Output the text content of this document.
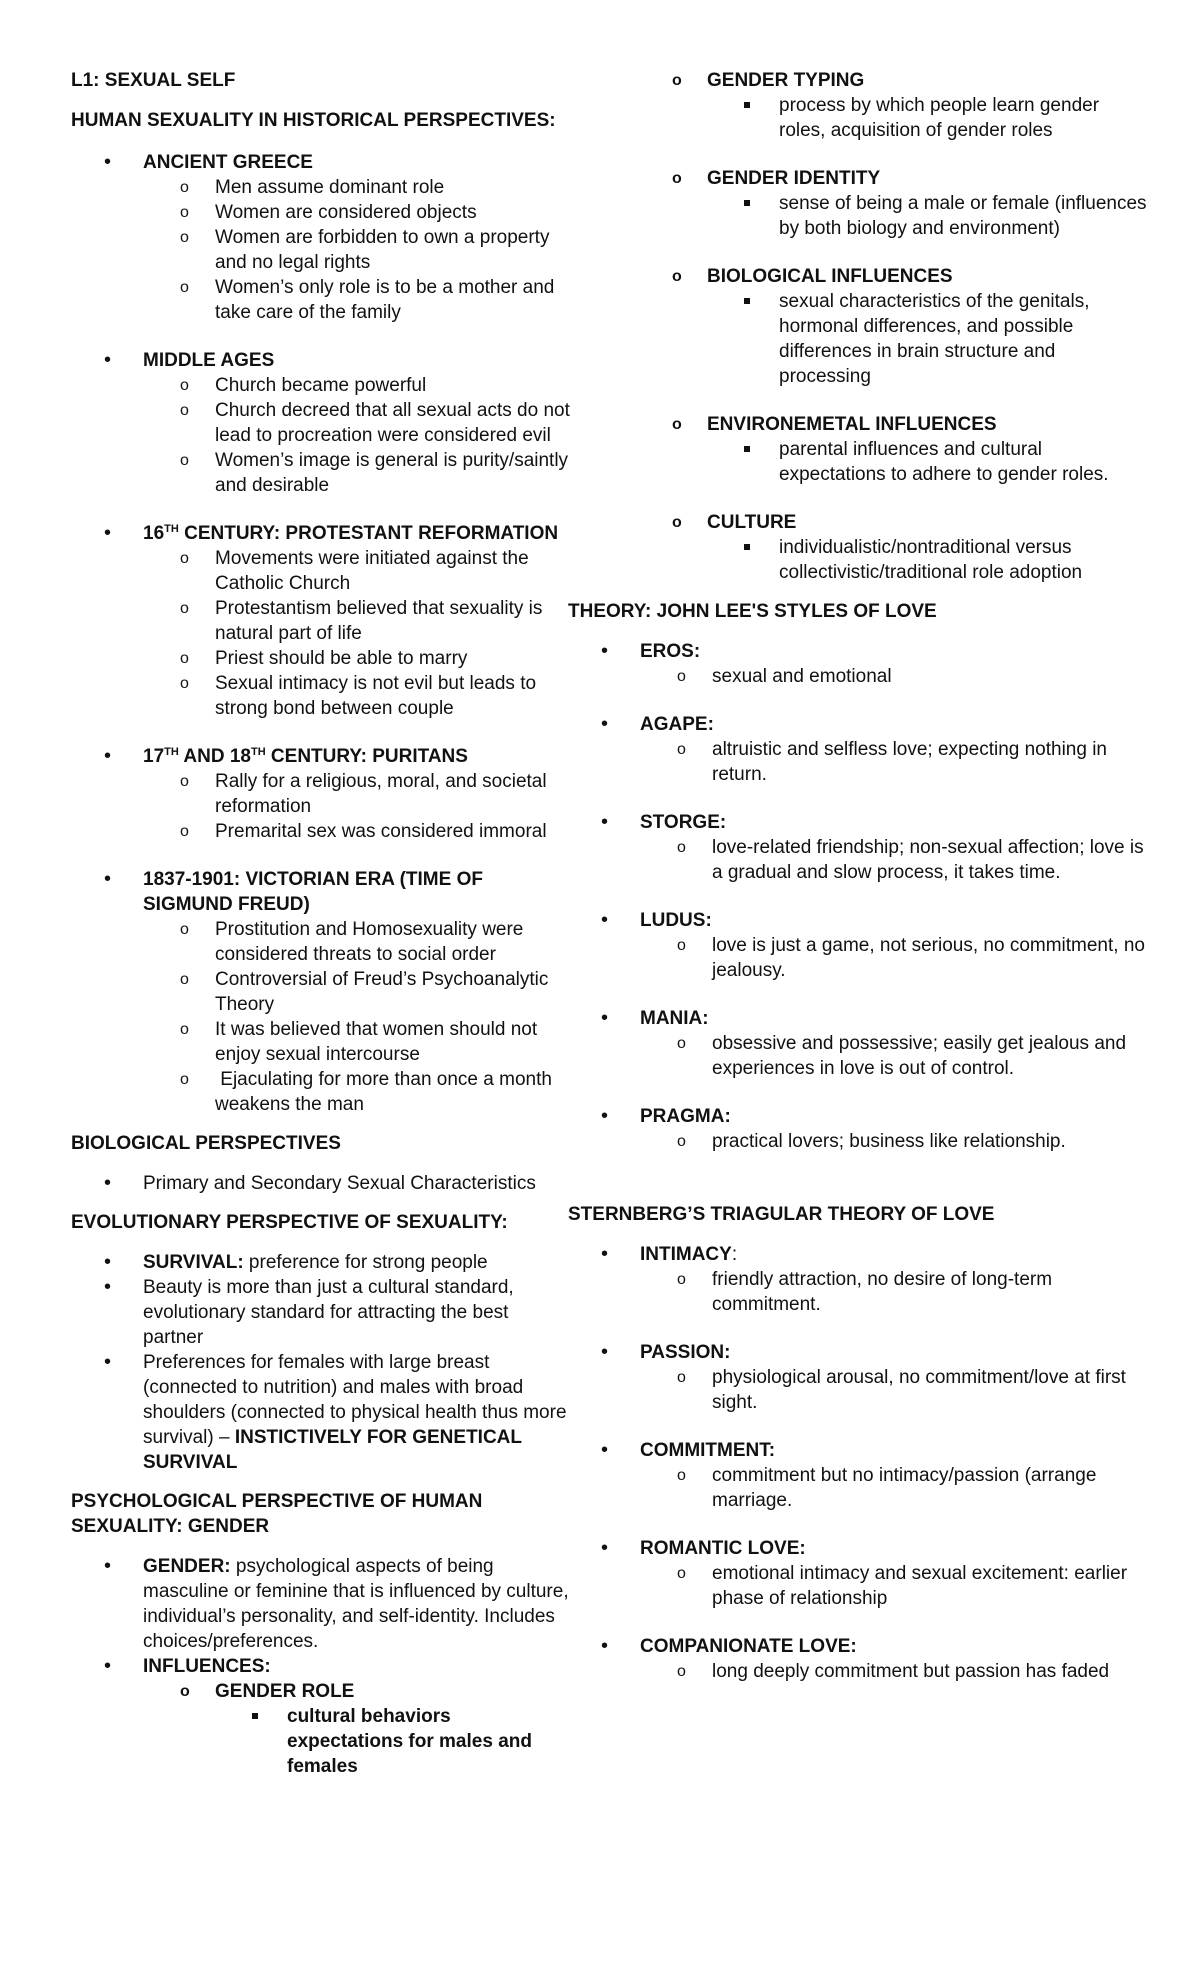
L1: SEXUAL SELF
HUMAN SEXUALITY IN HISTORICAL PERSPECTIVES:
• ANCIENT GREECE
o Men assume dominant role
o Women are considered objects
o Women are forbidden to own a property and no legal rights
o Women’s only role is to be a mother and take care of the family
• MIDDLE AGES
o Church became powerful
o Church decreed that all sexual acts do not lead to procreation were considered evil
o Women’s image is general is purity/saintly and desirable
• 16TH CENTURY: PROTESTANT REFORMATION
o Movements were initiated against the Catholic Church
o Protestantism believed that sexuality is natural part of life
o Priest should be able to marry
o Sexual intimacy is not evil but leads to strong bond between couple
• 17TH AND 18TH CENTURY: PURITANS
o Rally for a religious, moral, and societal reformation
o Premarital sex was considered immoral
• 1837-1901: VICTORIAN ERA (TIME OF SIGMUND FREUD)
o Prostitution and Homosexuality were considered threats to social order
o Controversial of Freud’s Psychoanalytic Theory
o It was believed that women should not enjoy sexual intercourse
o  Ejaculating for more than once a month weakens the man
BIOLOGICAL PERSPECTIVES
• Primary and Secondary Sexual Characteristics
EVOLUTIONARY PERSPECTIVE OF SEXUALITY:
• SURVIVAL: preference for strong people
• Beauty is more than just a cultural standard, evolutionary standard for attracting the best partner
• Preferences for females with large breast (connected to nutrition) and males with broad shoulders (connected to physical health thus more survival) – INSTICTIVELY FOR GENETICAL SURVIVAL
PSYCHOLOGICAL PERSPECTIVE OF HUMAN SEXUALITY: GENDER
• GENDER: psychological aspects of being masculine or feminine that is influenced by culture, individual’s personality, and self-identity. Includes choices/preferences.
• INFLUENCES:
o GENDER ROLE
cultural behaviors expectations for males and females
o GENDER TYPING
process by which people learn gender roles, acquisition of gender roles
o GENDER IDENTITY
sense of being a male or female (influences by both biology and environment)
o BIOLOGICAL INFLUENCES
sexual characteristics of the genitals, hormonal differences, and possible differences in brain structure and processing
o ENVIRONEMETAL INFLUENCES
parental influences and cultural expectations to adhere to gender roles.
o CULTURE
individualistic/nontraditional versus collectivistic/traditional role adoption
THEORY: JOHN LEE'S STYLES OF LOVE
• EROS:
o sexual and emotional
• AGAPE:
o altruistic and selfless love; expecting nothing in return.
• STORGE:
o love-related friendship; non-sexual affection; love is a gradual and slow process, it takes time.
• LUDUS:
o love is just a game, not serious, no commitment, no jealousy.
• MANIA:
o obsessive and possessive; easily get jealous and experiences in love is out of control.
• PRAGMA:
o practical lovers; business like relationship.
STERNBERG’S TRIAGULAR THEORY OF LOVE
• INTIMACY:
o friendly attraction, no desire of long-term commitment.
• PASSION:
o physiological arousal, no commitment/love at first sight.
• COMMITMENT:
o commitment but no intimacy/passion (arrange marriage.
• ROMANTIC LOVE:
o emotional intimacy and sexual excitement: earlier phase of relationship
• COMPANIONATE LOVE:
o long deeply commitment but passion has faded
